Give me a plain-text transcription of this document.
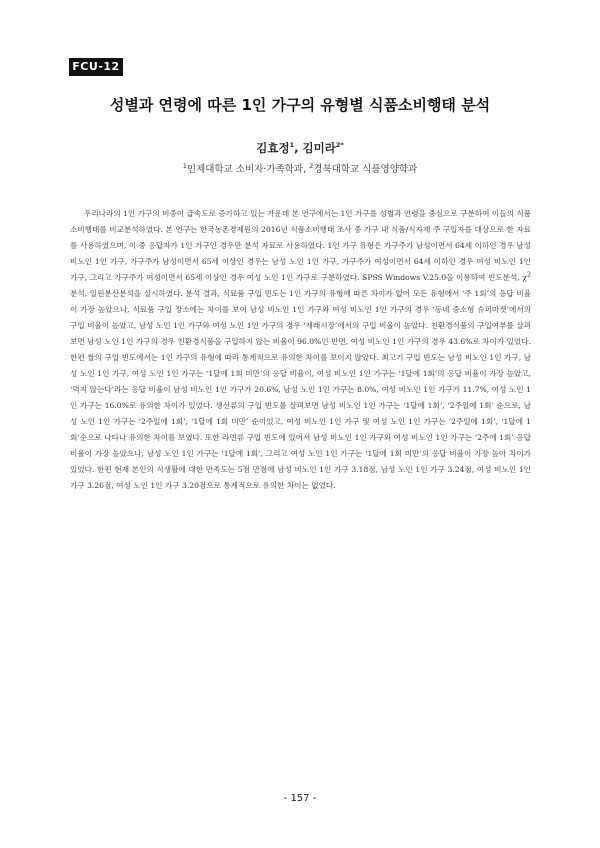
FCU-12
성별과 연령에 따른 1인 가구의 유형별 식품소비행태 분석
김효정$^1$, 김미라$^{2*}$
$^1$인제대학교 소비자·가족학과, $^2$경북대학교 식품영양학과
우리나라의 1인 가구의 비중이 급속도로 증가하고 있는 가운데 본 연구에서는 1인 가구를 성별과 연령을 중심으로 구분하여 이들의 식품소비행태를 비교분석하였다. 본 연구는 한국농촌경제원의 2016년 식품소비행태 조사 중 가구 내 식품/식자재 주 구입자를 대상으로 한 자료를 사용하였으며, 이 중 응답자가 1인 가구인 경우만 분석 자료로 사용하였다. 1인 가구 유형은 가구주가 남성이면서 64세 이하인 경우 남성 비노인 1인 가구, 가구주가 남성이면서 65세 이상인 경우는 남성 노인 1인 가구, 가구주가 여성이면서 64세 이하인 경우 여성 비노인 1인 가구, 그리고 가구주가 여성이면서 65세 이상인 경우 여성 노인 1인 가구로 구분하였다. SPSS Windows V.25.0을 이용하여 빈도분석, $\chi^2$ 분석, 일원분산분석을 실시하였다. 분석 결과, 식료품 구입 빈도는 1인 가구의 유형에 따른 차이가 없어 모든 유형에서 ‘주 1회’의 응답 비율이 가장 높았으나, 식료품 구입 장소에는 차이를 보여 남성 비노인 1인 가구와 여성 비노인 1인 가구의 경우 ‘동네 중소형 슈퍼마켓’에서의 구입 비율이 높았고, 남성 노인 1인 가구와 여성 노인 1인 가구의 경우 ‘재래시장’에서의 구입 비율이 높았다. 친환경식품의 구입여부를 살펴보면 남성 노인 1인 가구의 경우 친환경식품을 구입하지 않는 비율이 96.0%인 반면, 여성 비노인 1인 가구의 경우 43.6%로 차이가 있었다. 한편 쌀의 구입 빈도에서는 1인 가구의 유형에 따라 통계적으로 유의한 차이를 보이지 않았다. 최고기 구입 빈도는 남성 비노인 1인 가구, 남성 노인 1인 가구, 여성 노인 1인 가구는 ‘1달에 1회 미만’의 응답 비율이, 여성 비노인 1인 가구는 ‘1달에 1회’의 응답 비율이 가장 높았고, ‘먹지 않는다’라는 응답 비율이 남성 비노인 1인 가구가 20.6%, 남성 노인 1인 가구는 8.0%, 여성 비노인 1인 가구가 11.7%, 여성 노인 1인 가구는 16.0%로 유의한 차이가 있었다. 생선류의 구입 빈도를 살펴보면 남성 비노인 1인 가구는 ‘1달에 1회’, ‘2주일에 1회’ 순으로, 남성 노인 1인 가구는 ‘2주일에 1회’, ‘1달에 1회 미만’ 순이었고, 여성 비노인 1인 가구 및 여성 노인 1인 가구는 ‘2주일에 1회’, ‘1달에 1회’순으로 나타나 유의한 차이를 보였다. 또한 라면류 구입 빈도에 있어서 남성 비노인 1인 가구와 여성 비노인 1인 가구는 ‘2주에 1회’ 응답 비율이 가장 높았으나, 남성 노인 1인 가구는 ‘1달에 1회’, 그리고 여성 노인 1인 가구는 ‘1달에 1회 미만’의 응답 비율이 가장 높아 차이가 있었다. 한편 현재 본인의 식생활에 대한 만족도는 5점 만점에 남성 비노인 1인 가구 3.18점, 남성 노인 1인 가구 3.24점, 여성 비노인 1인 가구 3.26점, 여성 노인 1인 가구 3.20점으로 통계적으로 유의한 차이는 없었다.
- 157 -
